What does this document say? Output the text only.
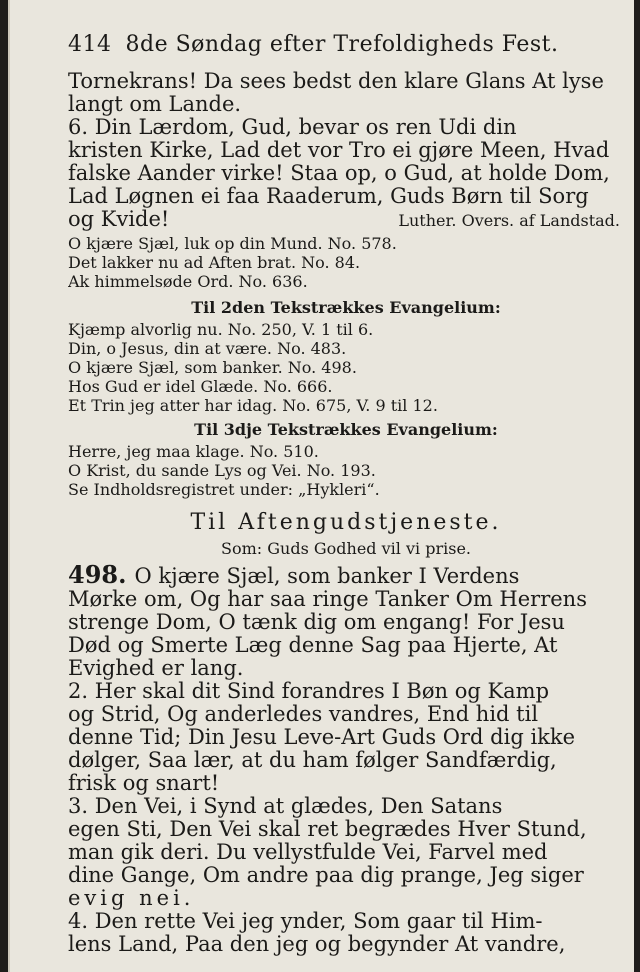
414 8de Søndag efter Trefoldigheds Fest.
Tornekrans! Da sees bedst den klare Glans At lyse
langt om Lande.
6. Din Lærdom, Gud, bevar os ren Udi din
kristen Kirke, Lad det vor Tro ei gjøre Meen, Hvad
falske Aander virke! Staa op, o Gud, at holde Dom,
Lad Løgnen ei faa Raaderum, Guds Børn til Sorg
og Kvide!	Luther. Overs. af Landstad.
O kjære Sjæl, luk op din Mund. No. 578.
Det lakker nu ad Aften brat. No. 84.
Ak himmelsøde Ord. No. 636.
Til 2den Tekstrækkes Evangelium:
Kjæmp alvorlig nu. No. 250, V. 1 til 6.
Din, o Jesus, din at være. No. 483.
O kjære Sjæl, som banker. No. 498.
Hos Gud er idel Glæde. No. 666.
Et Trin jeg atter har idag. No. 675, V. 9 til 12.
Til 3dje Tekstrækkes Evangelium:
Herre, jeg maa klage. No. 510.
O Krist, du sande Lys og Vei. No. 193.
Se Indholdsregistret under: „Hykleri“.
Til Aftengudstjeneste.
Som: Guds Godhed vil vi prise.
498. O kjære Sjæl, som banker I Verdens
Mørke om, Og har saa ringe Tanker Om Herrens
strenge Dom, O tænk dig om engang! For Jesu
Død og Smerte Læg denne Sag paa Hjerte, At
Evighed er lang.
2. Her skal dit Sind forandres I Bøn og Kamp
og Strid, Og anderledes vandres, End hid til
denne Tid; Din Jesu Leve-Art Guds Ord dig ikke
dølger, Saa lær, at du ham følger Sandfærdig,
frisk og snart!
3. Den Vei, i Synd at glædes, Den Satans
egen Sti, Den Vei skal ret begrædes Hver Stund,
man gik deri. Du vellystfulde Vei, Farvel med
dine Gange, Om andre paa dig prange, Jeg siger
evig nei.
4. Den rette Vei jeg ynder, Som gaar til Him-
lens Land, Paa den jeg og begynder At vandre,
